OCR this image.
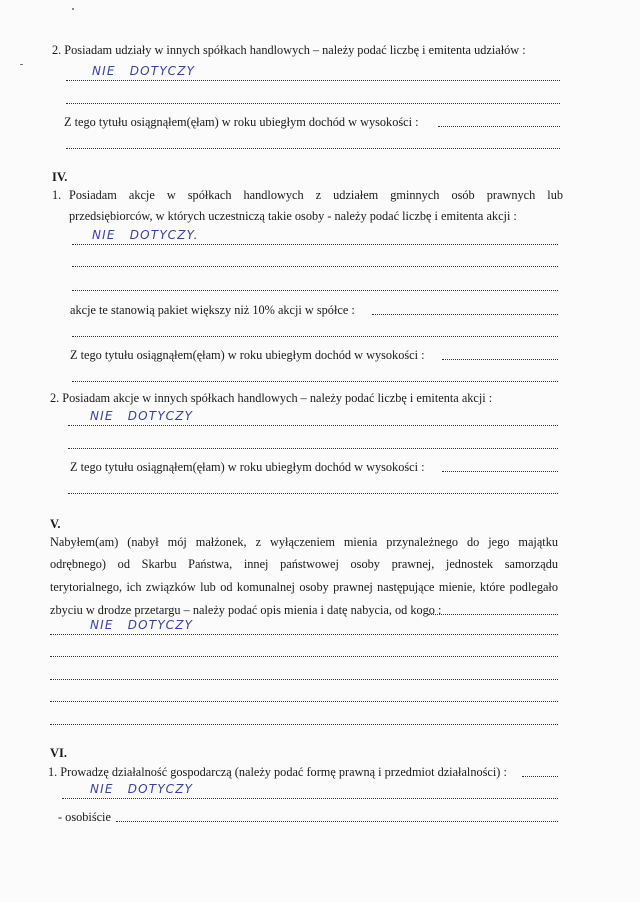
2. Posiadam udziały w innych spółkach handlowych – należy podać liczbę i emitenta udziałów :
NIE DOTYCZY
Z tego tytułu osiągnąłem(ęłam) w roku ubiegłym dochód w wysokości :
IV.
1. Posiadam akcje w spółkach handlowych z udziałem gminnych osób prawnych lub
przedsiębiorców, w których uczestniczą takie osoby - należy podać liczbę i emitenta akcji :
NIE DOTYCZY.
akcje te stanowią pakiet większy niż 10% akcji w spółce :
Z tego tytułu osiągnąłem(ęłam) w roku ubiegłym dochód w wysokości :
2. Posiadam akcje w innych spółkach handlowych – należy podać liczbę i emitenta akcji :
NIE DOTYCZY
Z tego tytułu osiągnąłem(ęłam) w roku ubiegłym dochód w wysokości :
V.
Nabyłem(am) (nabył mój małżonek, z wyłączeniem mienia przynależnego do jego majątku
odrębnego) od Skarbu Państwa, innej państwowej osoby prawnej, jednostek samorządu
terytorialnego, ich związków lub od komunalnej osoby prawnej następujące mienie, które podlegało
zbyciu w drodze przetargu – należy podać opis mienia i datę nabycia, od kogo :
NIE DOTYCZY
VI.
1. Prowadzę działalność gospodarczą (należy podać formę prawną i przedmiot działalności) :
NIE DOTYCZY
- osobiście
